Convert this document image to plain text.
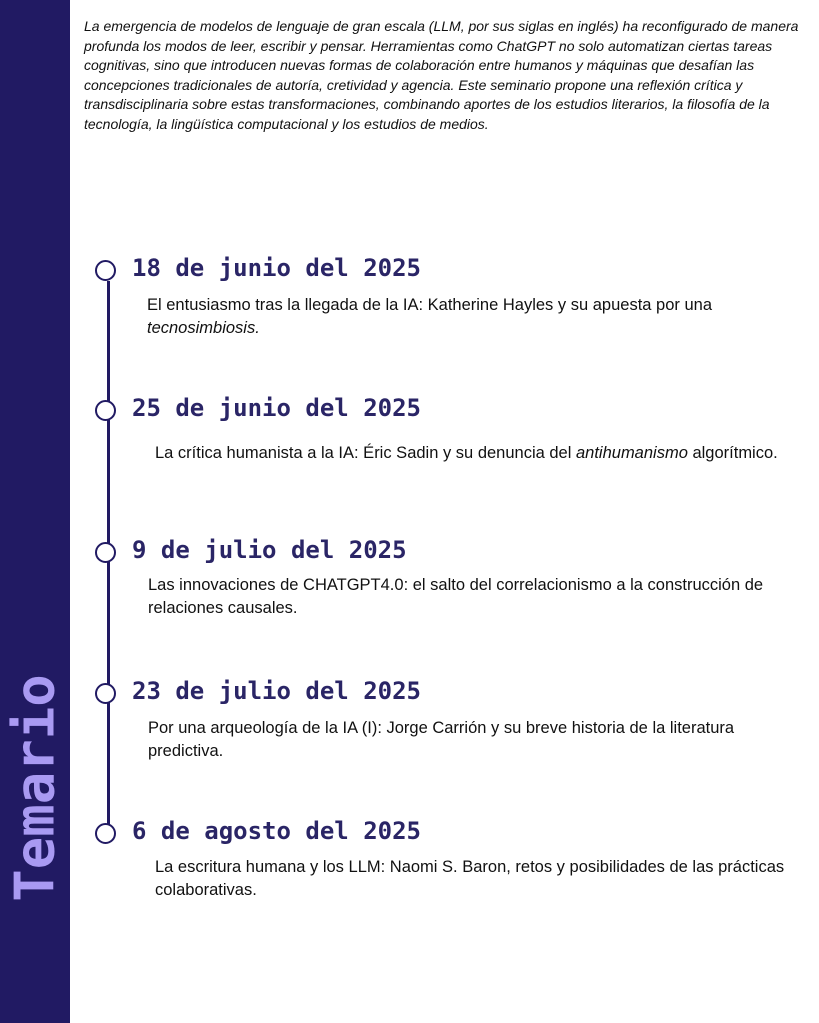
Temario

La emergencia de modelos de lenguaje de gran escala (LLM, por sus siglas en inglés) ha reconfigurado de manera profunda los modos de leer, escribir y pensar. Herramientas como ChatGPT no solo automatizan ciertas tareas cognitivas, sino que introducen nuevas formas de colaboración entre humanos y máquinas que desafían las concepciones tradicionales de autoría, cretividad y agencia. Este seminario propone una reflexión crítica y transdisciplinaria sobre estas transformaciones, combinando aportes de los estudios literarios, la filosofía de la tecnología, la lingüística computacional y los estudios de medios.

18 de junio del 2025

El entusiasmo tras la llegada de la IA: Katherine Hayles y su apuesta por una tecnosimbiosis.

25 de junio del 2025

La crítica humanista a la IA: Éric Sadin y su denuncia del antihumanismo algorítmico.

9 de julio del 2025

Las innovaciones de CHATGPT4.0: el salto del correlacionismo a la construcción de relaciones causales.

23 de julio del 2025

Por una arqueología de la IA (I): Jorge Carrión y su breve historia de la literatura predictiva.

6 de agosto del 2025

La escritura humana y los LLM: Naomi S. Baron, retos y posibilidades de las prácticas colaborativas.
